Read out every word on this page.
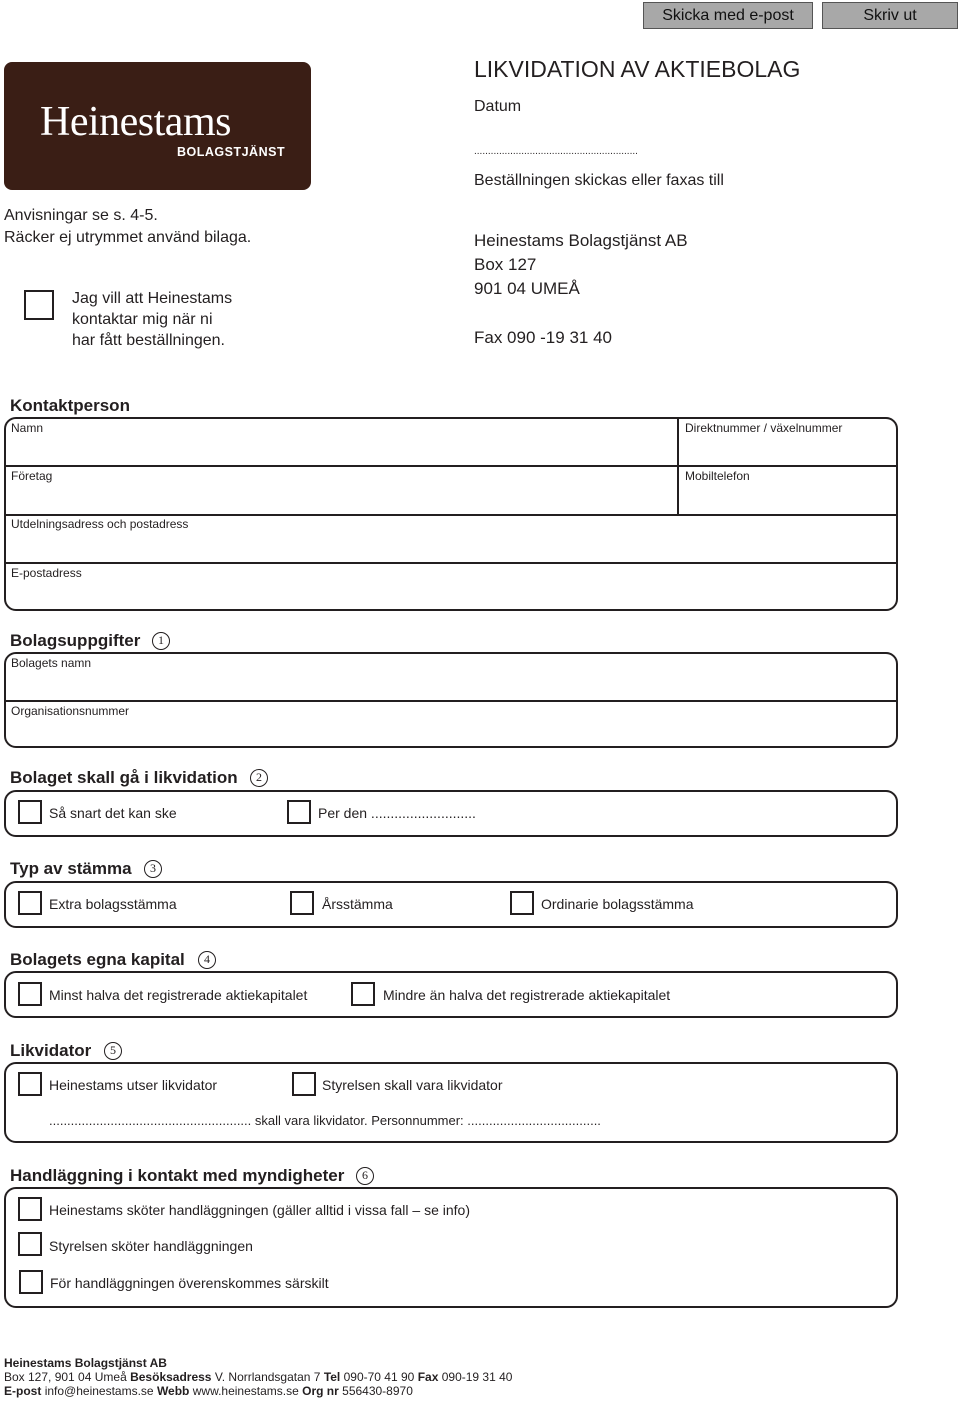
Skicka med e-post	Skriv ut
Heinestams
BOLAGSTJÄNST
LIKVIDATION AV AKTIEBOLAG
Datum
...........................................................
Beställningen skickas eller faxas till
Heinestams Bolagstjänst AB
Box 127
901 04 UMEÅ
Fax 090 -19 31 40
Anvisningar se s. 4-5.
Räcker ej utrymmet använd bilaga.
Jag vill att Heinestams
kontaktar mig när ni
har fått beställningen.
Kontaktperson
Namn	Direktnummer / växelnummer
Företag	Mobiltelefon
Utdelningsadress och postadress
E-postadress
Bolagsuppgifter	1
Bolagets namn
Organisationsnummer
Bolaget skall gå i likvidation	2
Så snart det kan ske	Per den ...........................
Typ av stämma	3
Extra bolagsstämma	Årsstämma	Ordinarie bolagsstämma
Bolagets egna kapital	4
Minst halva det registrerade aktiekapitalet	Mindre än halva det registrerade aktiekapitalet
Likvidator	5
Heinestams utser likvidator	Styrelsen skall vara likvidator
........................................................ skall vara likvidator. Personnummer: .....................................
Handläggning i kontakt med myndigheter	6
Heinestams sköter handläggningen (gäller alltid i vissa fall – se info)
Styrelsen sköter handläggningen
För handläggningen överenskommes särskilt
Heinestams Bolagstjänst AB
Box 127, 901 04 Umeå Besöksadress V. Norrlandsgatan 7 Tel 090-70 41 90 Fax 090-19 31 40
E-post info@heinestams.se Webb www.heinestams.se Org nr 556430-8970
